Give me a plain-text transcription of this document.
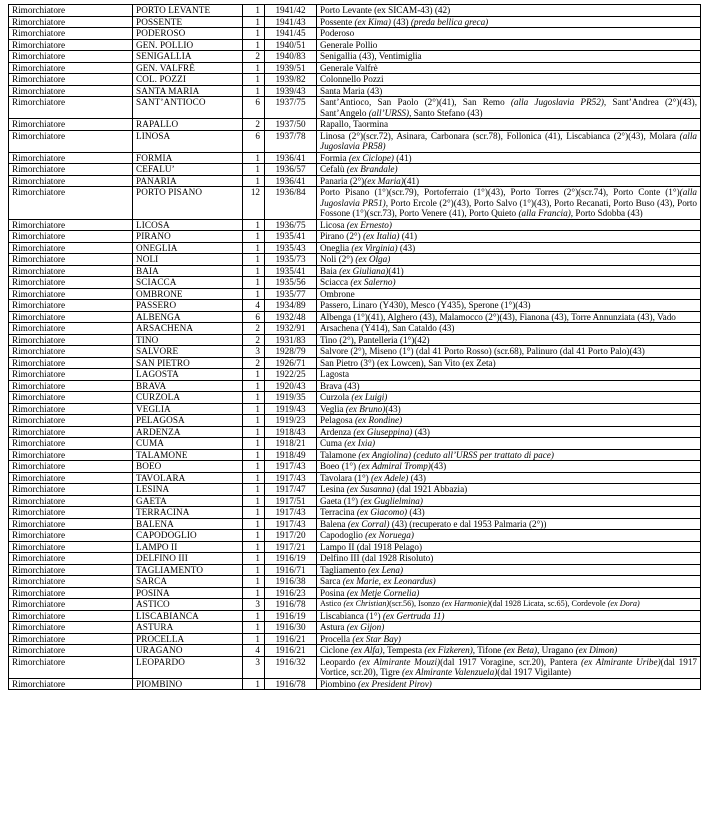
Rimorchiatore	PORTO LEVANTE	1	1941/42	Porto Levante (ex SICAM-43) (42)
Rimorchiatore	POSSENTE	1	1941/43	Possente (ex Kima) (43) (preda bellica greca)
Rimorchiatore	PODEROSO	1	1941/45	Poderoso
Rimorchiatore	GEN. POLLIO	1	1940/51	Generale Pollio
Rimorchiatore	SENIGALLIA	2	1940/83	Senigallia (43), Ventimiglia
Rimorchiatore	GEN. VALFRÈ	1	1939/51	Generale Valfrè
Rimorchiatore	COL. POZZI	1	1939/82	Colonnello Pozzi
Rimorchiatore	SANTA MARIA	1	1939/43	Santa Maria (43)
Rimorchiatore	SANT’ANTIOCO	6	1937/75	Sant’Antioco, San Paolo (2°)(41), San Remo (alla Jugoslavia PR52), Sant’Andrea (2°)(43), Sant’Angelo (all’URSS), Santo Stefano (43)
Rimorchiatore	RAPALLO	2	1937/50	Rapallo, Taormina
Rimorchiatore	LINOSA	6	1937/78	Linosa (2°)(scr.72), Asinara, Carbonara (scr.78), Follonica (41), Liscabianca (2°)(43), Molara (alla Jugoslavia PR58)
Rimorchiatore	FORMIA	1	1936/41	Formia (ex Ciclope) (41)
Rimorchiatore	CEFALU’	1	1936/57	Cefalù (ex Brandale)
Rimorchiatore	PANARIA	1	1936/41	Panaria (2°)(ex Maria)(41)
Rimorchiatore	PORTO PISANO	12	1936/84	Porto Pisano (1°)(scr.79), Portoferraio (1°)(43), Porto Torres (2°)(scr.74), Porto Conte (1°)(alla Jugoslavia PR51), Porto Ercole (2°)(43), Porto Salvo (1°)(43), Porto Recanati, Porto Buso (43), Porto Fossone (1°)(scr.73), Porto Venere (41), Porto Quieto (alla Francia), Porto Sdobba (43)
Rimorchiatore	LICOSA	1	1936/75	Licosa (ex Ernesto)
Rimorchiatore	PIRANO	1	1935/41	Pirano (2°) (ex Italia) (41)
Rimorchiatore	ONEGLIA	1	1935/43	Oneglia (ex Virginia) (43)
Rimorchiatore	NOLI	1	1935/73	Noli (2°) (ex Olga)
Rimorchiatore	BAIA	1	1935/41	Baia (ex Giuliana)(41)
Rimorchiatore	SCIACCA	1	1935/56	Sciacca (ex Salerno)
Rimorchiatore	OMBRONE	1	1935/77	Ombrone
Rimorchiatore	PASSERO	4	1934/89	Passero, Linaro (Y430), Mesco (Y435), Sperone (1°)(43)
Rimorchiatore	ALBENGA	6	1932/48	Albenga (1°)(41), Alghero (43), Malamocco (2°)(43), Fianona (43), Torre Annunziata (43), Vado
Rimorchiatore	ARSACHENA	2	1932/91	Arsachena (Y414), San Cataldo (43)
Rimorchiatore	TINO	2	1931/83	Tino (2°), Pantelleria (1°)(42)
Rimorchiatore	SALVORE	3	1928/79	Salvore (2°), Miseno (1°) (dal 41 Porto Rosso) (scr.68), Palinuro (dal 41 Porto Palo)(43)
Rimorchiatore	SAN PIETRO	2	1926/71	San Pietro (3°) (ex Lowcen), San Vito (ex Zeta)
Rimorchiatore	LAGOSTA	1	1922/25	Lagosta
Rimorchiatore	BRAVA	1	1920/43	Brava (43)
Rimorchiatore	CURZOLA	1	1919/35	Curzola (ex Luigi)
Rimorchiatore	VEGLIA	1	1919/43	Veglia (ex Bruno)(43)
Rimorchiatore	PELAGOSA	1	1919/23	Pelagosa (ex Rondine)
Rimorchiatore	ARDENZA	1	1918/43	Ardenza (ex Giuseppina) (43)
Rimorchiatore	CUMA	1	1918/21	Cuma (ex Ixia)
Rimorchiatore	TALAMONE	1	1918/49	Talamone (ex Angiolina) (ceduto all’URSS per trattato di pace)
Rimorchiatore	BOEO	1	1917/43	Boeo (1°) (ex Admiral Tromp)(43)
Rimorchiatore	TAVOLARA	1	1917/43	Tavolara (1°) (ex Adele) (43)
Rimorchiatore	LESINA	1	1917/47	Lesina (ex Susanna) (dal 1921 Abbazia)
Rimorchiatore	GAETA	1	1917/51	Gaeta (1°) (ex Guglielmina)
Rimorchiatore	TERRACINA	1	1917/43	Terracina (ex Giacomo) (43)
Rimorchiatore	BALENA	1	1917/43	Balena (ex Corral) (43) (recuperato e dal 1953 Palmaria (2°))
Rimorchiatore	CAPODOGLIO	1	1917/20	Capodoglio (ex Noruega)
Rimorchiatore	LAMPO II	1	1917/21	Lampo II (dal 1918 Pelago)
Rimorchiatore	DELFINO III	1	1916/19	Delfino III (dal 1928 Risoluto)
Rimorchiatore	TAGLIAMENTO	1	1916/71	Tagliamento (ex Lena)
Rimorchiatore	SARCA	1	1916/38	Sarca (ex Marie, ex Leonardus)
Rimorchiatore	POSINA	1	1916/23	Posina (ex Metje Cornelia)
Rimorchiatore	ASTICO	3	1916/78	Astico (ex Christian)(scr.56), Isonzo (ex Harmonie)(dal 1928 Licata, sc.65), Cordevole (ex Dora)
Rimorchiatore	LISCABIANCA	1	1916/19	Liscabianca (1°) (ex Gertruda 11)
Rimorchiatore	ASTURA	1	1916/30	Astura (ex Gijon)
Rimorchiatore	PROCELLA	1	1916/21	Procella (ex Star Bay)
Rimorchiatore	URAGANO	4	1916/21	Ciclone (ex Alfa), Tempesta (ex Fizkeren), Tifone (ex Beta), Uragano (ex Dimon)
Rimorchiatore	LEOPARDO	3	1916/32	Leopardo (ex Almirante Mouzi)(dal 1917 Voragine, scr.20), Pantera (ex Almirante Uribe)(dal 1917 Vortice, scr.20), Tigre (ex Almirante Valenzuela)(dal 1917 Vigilante)
Rimorchiatore	PIOMBINO	1	1916/78	Piombino (ex President Pirov)
